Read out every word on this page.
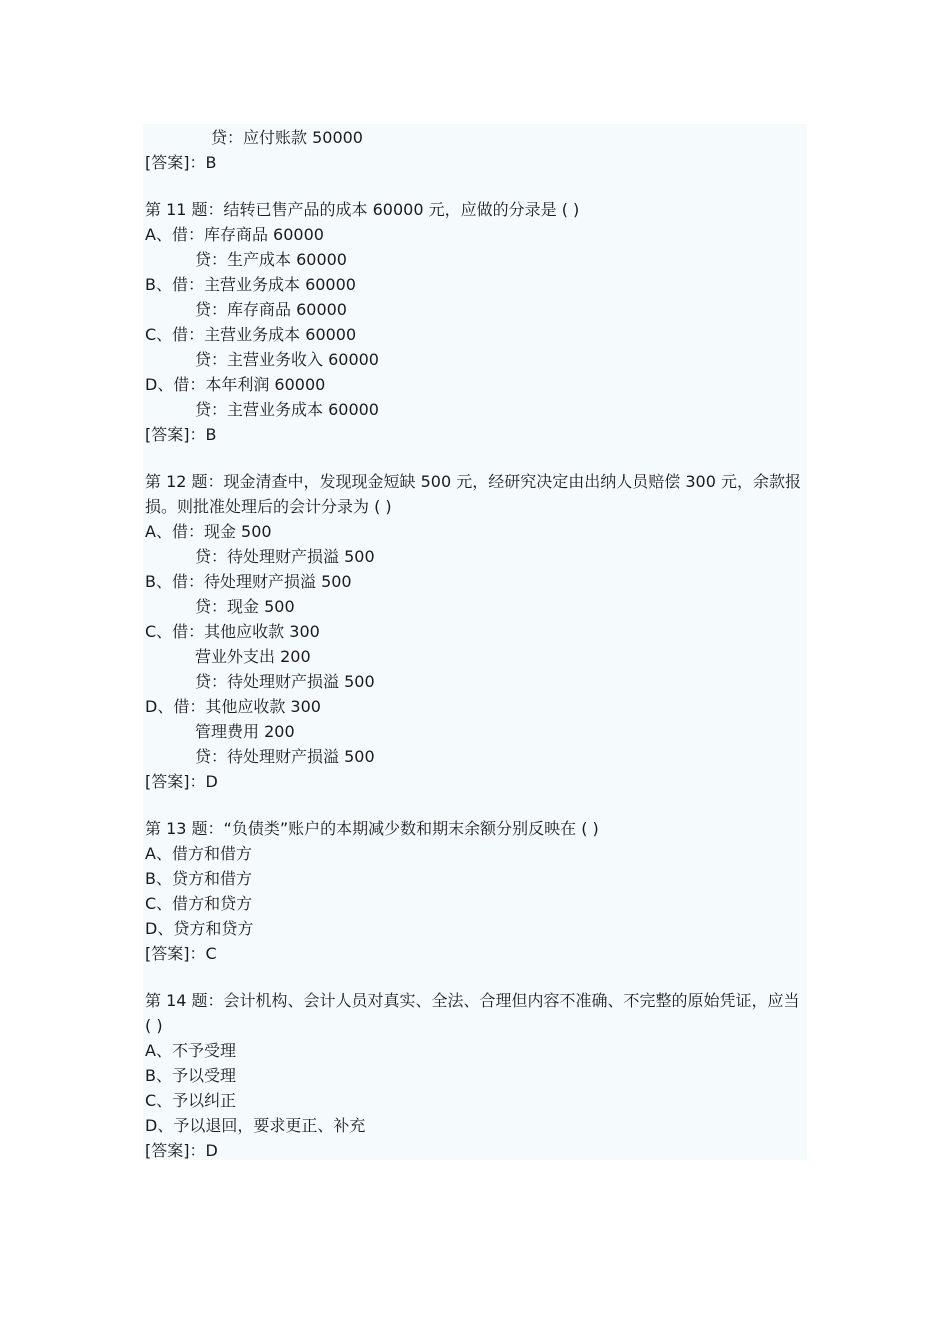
贷：应付账款 50000
[答案]：B
第 11 题：结转已售产品的成本 60000 元，应做的分录是 ( )
A、借：库存商品 60000
贷：生产成本 60000
B、借：主营业务成本 60000
贷：库存商品 60000
C、借：主营业务成本 60000
贷：主营业务收入 60000
D、借：本年利润 60000
贷：主营业务成本 60000
[答案]：B
第 12 题：现金清查中，发现现金短缺 500 元，经研究决定由出纳人员赔偿 300 元，余款报损。则批准处理后的会计分录为 ( )
A、借：现金 500
贷：待处理财产损溢 500
B、借：待处理财产损溢 500
贷：现金 500
C、借：其他应收款 300
营业外支出 200
贷：待处理财产损溢 500
D、借：其他应收款 300
管理费用 200
贷：待处理财产损溢 500
[答案]：D
第 13 题：“负债类”账户的本期减少数和期末余额分别反映在 ( )
A、借方和借方
B、贷方和借方
C、借方和贷方
D、贷方和贷方
[答案]：C
第 14 题：会计机构、会计人员对真实、全法、合理但内容不准确、不完整的原始凭证，应当 ( )
A、不予受理
B、予以受理
C、予以纠正
D、予以退回，要求更正、补充
[答案]：D
